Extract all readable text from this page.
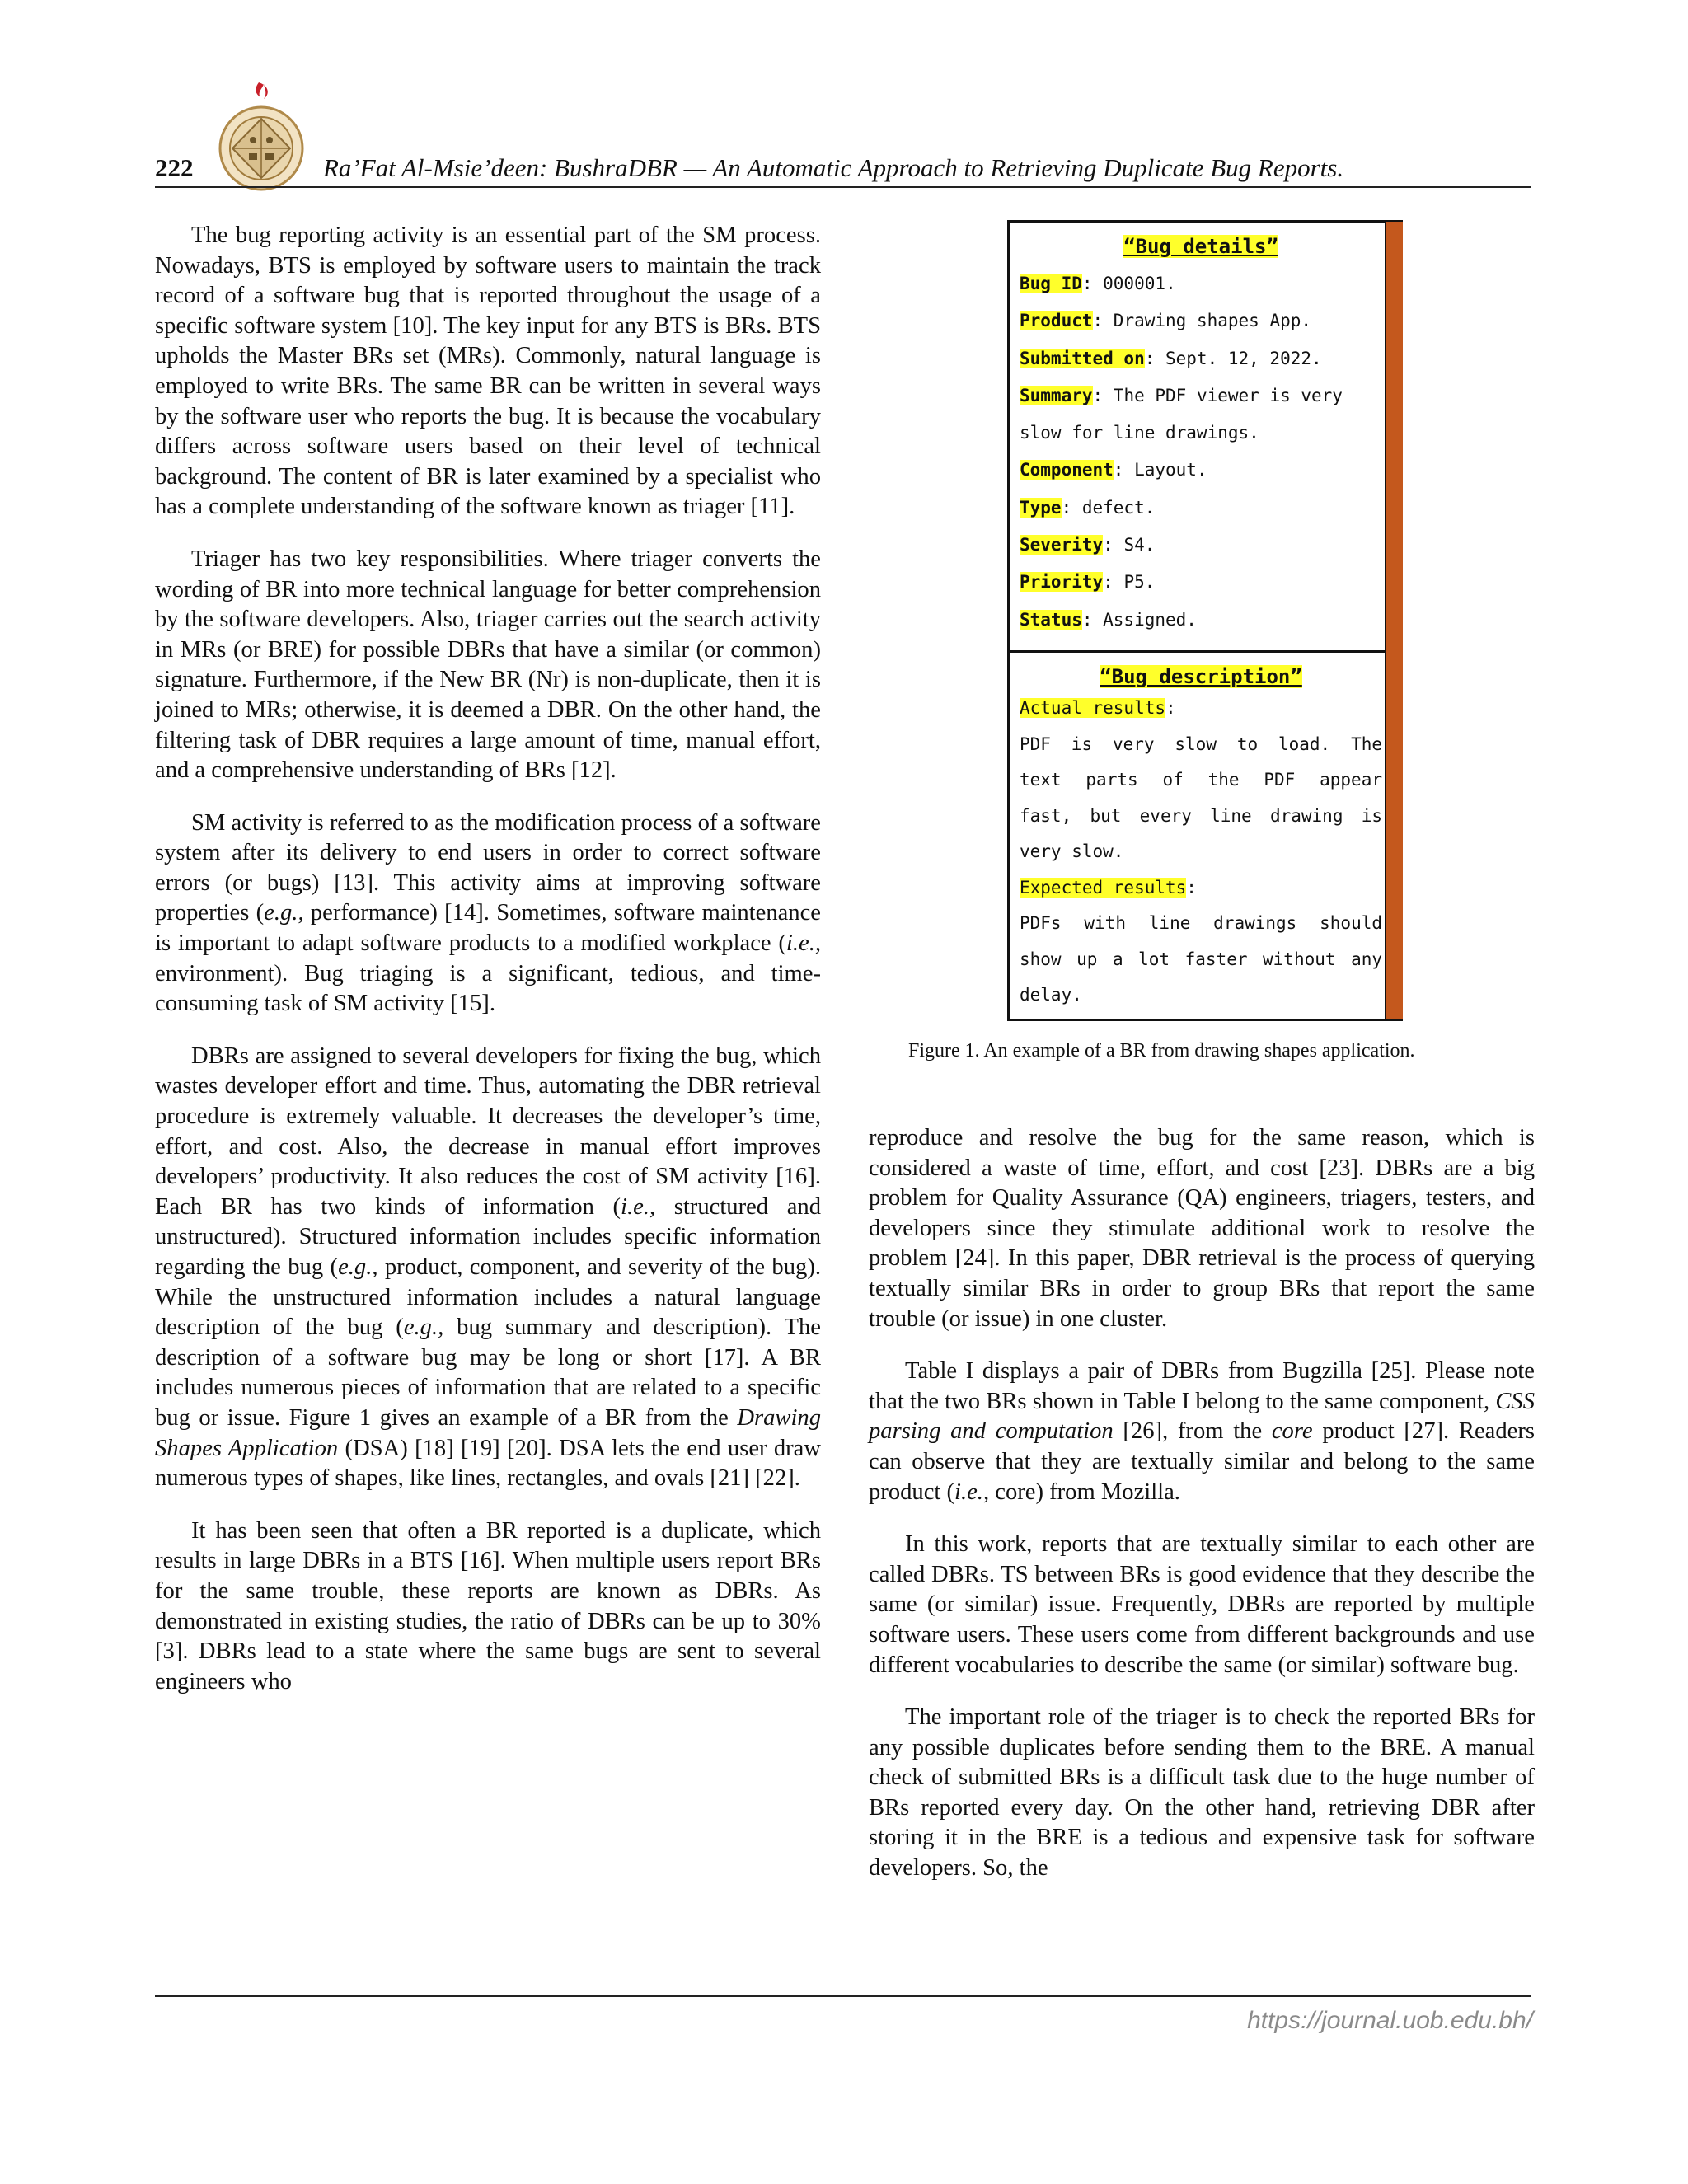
222	Ra’Fat Al-Msie’deen: BushraDBR — An Automatic Approach to Retrieving Duplicate Bug Reports.

The bug reporting activity is an essential part of the SM process. Nowadays, BTS is employed by software users to maintain the track record of a software bug that is reported throughout the usage of a specific software system [10]. The key input for any BTS is BRs. BTS upholds the Master BRs set (MRs). Commonly, natural language is employed to write BRs. The same BR can be written in several ways by the software user who reports the bug. It is because the vocabulary differs across software users based on their level of technical background. The content of BR is later examined by a specialist who has a complete understanding of the software known as triager [11].

Triager has two key responsibilities. Where triager converts the wording of BR into more technical language for better comprehension by the software developers. Also, triager carries out the search activity in MRs (or BRE) for possible DBRs that have a similar (or common) signature. Furthermore, if the New BR (Nr) is non-duplicate, then it is joined to MRs; otherwise, it is deemed a DBR. On the other hand, the filtering task of DBR requires a large amount of time, manual effort, and a comprehensive understanding of BRs [12].

SM activity is referred to as the modification process of a software system after its delivery to end users in order to correct software errors (or bugs) [13]. This activity aims at improving software properties (e.g., performance) [14]. Sometimes, software maintenance is important to adapt software products to a modified workplace (i.e., environment). Bug triaging is a significant, tedious, and time-consuming task of SM activity [15].

DBRs are assigned to several developers for fixing the bug, which wastes developer effort and time. Thus, automating the DBR retrieval procedure is extremely valuable. It decreases the developer’s time, effort, and cost. Also, the decrease in manual effort improves developers’ productivity. It also reduces the cost of SM activity [16]. Each BR has two kinds of information (i.e., structured and unstructured). Structured information includes specific information regarding the bug (e.g., product, component, and severity of the bug). While the unstructured information includes a natural language description of the bug (e.g., bug summary and description). The description of a software bug may be long or short [17]. A BR includes numerous pieces of information that are related to a specific bug or issue. Figure 1 gives an example of a BR from the Drawing Shapes Application (DSA) [18] [19] [20]. DSA lets the end user draw numerous types of shapes, like lines, rectangles, and ovals [21] [22].

It has been seen that often a BR reported is a duplicate, which results in large DBRs in a BTS [16]. When multiple users report BRs for the same trouble, these reports are known as DBRs. As demonstrated in existing studies, the ratio of DBRs can be up to 30% [3]. DBRs lead to a state where the same bugs are sent to several engineers who

“Bug details”
Bug ID: 000001.
Product: Drawing shapes App.
Submitted on: Sept. 12, 2022.
Summary: The PDF viewer is very
slow for line drawings.
Component: Layout.
Type: defect.
Severity: S4.
Priority: P5.
Status: Assigned.
“Bug description”
Actual results:
PDF is very slow to load. The
text parts of the PDF appear
fast, but every line drawing is
very slow.
Expected results:
PDFs with line drawings should
show up a lot faster without any
delay.
Figure 1. An example of a BR from drawing shapes application.

reproduce and resolve the bug for the same reason, which is considered a waste of time, effort, and cost [23]. DBRs are a big problem for Quality Assurance (QA) engineers, triagers, testers, and developers since they stimulate additional work to resolve the problem [24]. In this paper, DBR retrieval is the process of querying textually similar BRs in order to group BRs that report the same trouble (or issue) in one cluster.

Table I displays a pair of DBRs from Bugzilla [25]. Please note that the two BRs shown in Table I belong to the same component, CSS parsing and computation [26], from the core product [27]. Readers can observe that they are textually similar and belong to the same product (i.e., core) from Mozilla.

In this work, reports that are textually similar to each other are called DBRs. TS between BRs is good evidence that they describe the same (or similar) issue. Frequently, DBRs are reported by multiple software users. These users come from different backgrounds and use different vocabularies to describe the same (or similar) software bug.

The important role of the triager is to check the reported BRs for any possible duplicates before sending them to the BRE. A manual check of submitted BRs is a difficult task due to the huge number of BRs reported every day. On the other hand, retrieving DBR after storing it in the BRE is a tedious and expensive task for software developers. So, the

https://journal.uob.edu.bh/
